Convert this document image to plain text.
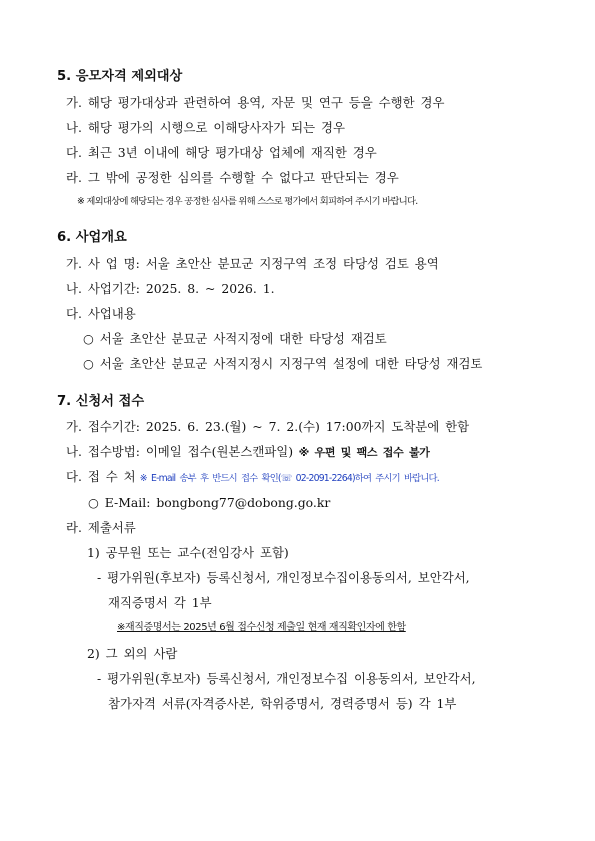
5. 응모자격 제외대상
가. 해당 평가대상과 관련하여 용역, 자문 및 연구 등을 수행한 경우
나. 해당 평가의 시행으로 이해당사자가 되는 경우
다. 최근 3년 이내에 해당 평가대상 업체에 재직한 경우
라. 그 밖에 공정한 심의를 수행할 수 없다고 판단되는 경우
※ 제외대상에 해당되는 경우 공정한 심사를 위해 스스로 평가에서 회피하여 주시기 바랍니다.
6. 사업개요
가. 사 업 명: 서울 초안산 분묘군 지정구역 조정 타당성 검토 용역
나. 사업기간: 2025. 8. ~ 2026. 1.
다. 사업내용
○ 서울 초안산 분묘군 사적지정에 대한 타당성 재검토
○ 서울 초안산 분묘군 사적지정시 지정구역 설정에 대한 타당성 재검토
7. 신청서 접수
가. 접수기간: 2025. 6. 23.(월) ~ 7. 2.(수) 17:00까지 도착분에 한함
나. 접수방법: 이메일 접수(원본스캔파일) ※ 우편 및 팩스 접수 불가
다. 접 수 처 ※ E-mail 송부 후 반드시 접수 확인(☏ 02-2091-2264)하여 주시기 바랍니다.
○ E-Mail: bongbong77@dobong.go.kr
라. 제출서류
1) 공무원 또는 교수(전임강사 포함)
- 평가위원(후보자) 등록신청서, 개인정보수집이용동의서, 보안각서,
재직증명서 각 1부
※재직증명서는 2025년 6월 접수신청 제출일 현재 재직확인자에 한함
2) 그 외의 사람
- 평가위원(후보자) 등록신청서, 개인정보수집 이용동의서, 보안각서,
참가자격 서류(자격증사본, 학위증명서, 경력증명서 등) 각 1부
